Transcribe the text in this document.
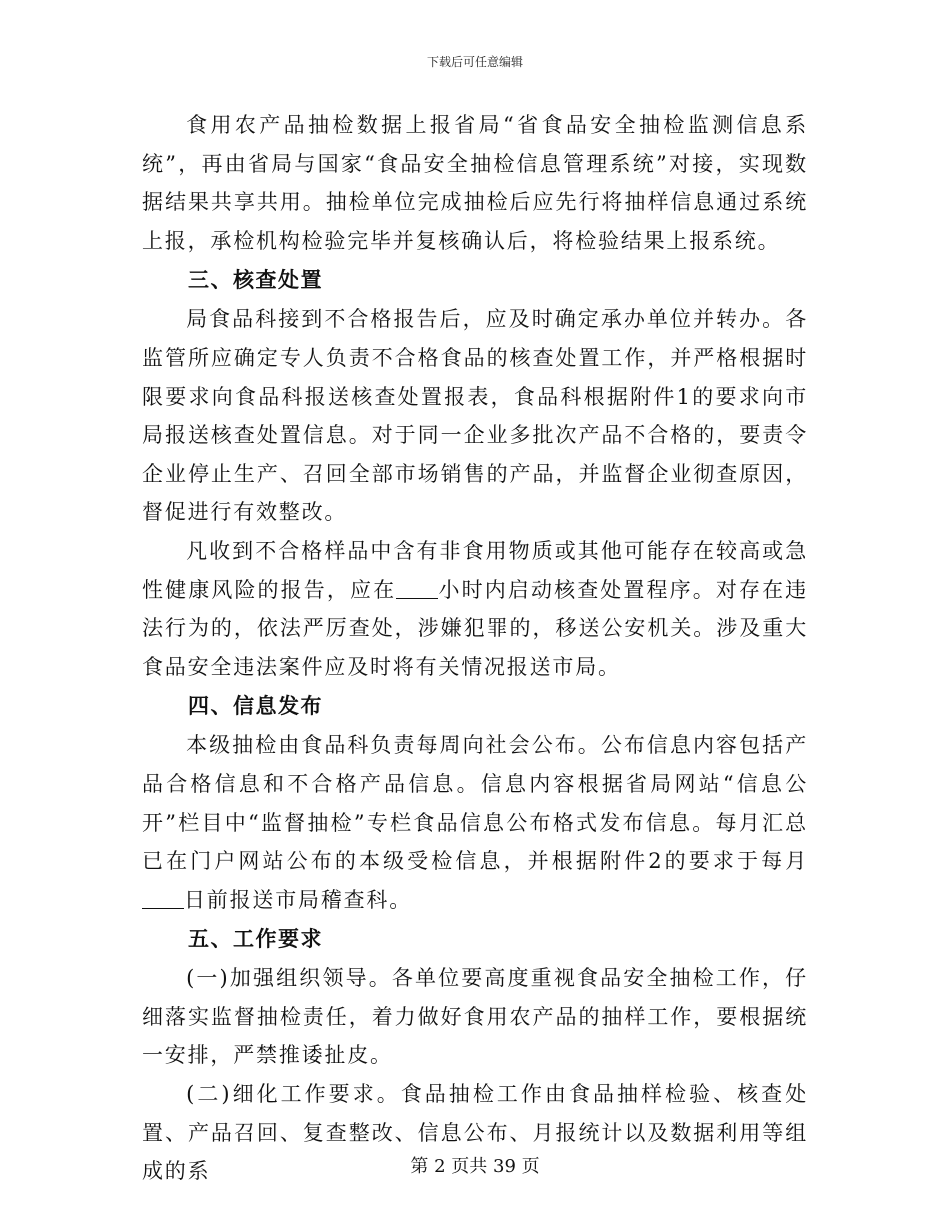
下载后可任意编辑

食用农产品抽检数据上报省局“省食品安全抽检监测信息系统”，再由省局与国家“食品安全抽检信息管理系统”对接，实现数据结果共享共用。抽检单位完成抽检后应先行将抽样信息通过系统上报，承检机构检验完毕并复核确认后，将检验结果上报系统。

三、核查处置

局食品科接到不合格报告后，应及时确定承办单位并转办。各监管所应确定专人负责不合格食品的核查处置工作，并严格根据时限要求向食品科报送核查处置报表，食品科根据附件1的要求向市局报送核查处置信息。对于同一企业多批次产品不合格的，要责令企业停止生产、召回全部市场销售的产品，并监督企业彻查原因，督促进行有效整改。

凡收到不合格样品中含有非食用物质或其他可能存在较高或急性健康风险的报告，应在 小时内启动核查处置程序。对存在违法行为的，依法严厉查处，涉嫌犯罪的，移送公安机关。涉及重大食品安全违法案件应及时将有关情况报送市局。

四、信息发布

本级抽检由食品科负责每周向社会公布。公布信息内容包括产品合格信息和不合格产品信息。信息内容根据省局网站“信息公开”栏目中“监督抽检”专栏食品信息公布格式发布信息。每月汇总已在门户网站公布的本级受检信息，并根据附件2的要求于每月日前报送市局稽查科。

五、工作要求

(一)加强组织领导。各单位要高度重视食品安全抽检工作，仔细落实监督抽检责任，着力做好食用农产品的抽样工作，要根据统一安排，严禁推诿扯皮。

(二)细化工作要求。食品抽检工作由食品抽样检验、核查处置、产品召回、复查整改、信息公布、月报统计以及数据利用等组成的系	第 2 页共 39 页
